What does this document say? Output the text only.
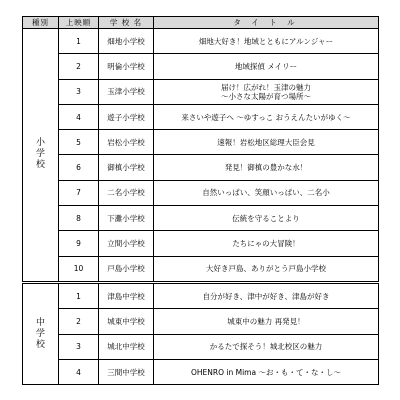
種別	上映順	学 校 名	タ イ ト ル

小
学
校	1	畑地小学校	畑地大好き！地域とともにアルンジャー

	2	明倫小学校	地域探偵 メイリー

	3	玉津小学校	届け！広がれ！玉津の魅力
～小さな太陽が育つ場所～

	4	遊子小学校	来さいや遊子へ ～ゆすっこ おうえんたいがゆく～

	5	岩松小学校	速報！岩松地区総理大臣会見

	6	御槙小学校	発見！御槙の豊かな水！

	7	二名小学校	自然いっぱい、笑顔いっぱい、二名小

	8	下灘小学校	伝統を守ることより

	9	立間小学校	たちにゃの大冒険！

	10	戸島小学校	大好き戸島、ありがとう戸島小学校

中
学
校	1	津島中学校	自分が好き、津中が好き、津島が好き

	2	城東中学校	城東中の魅力 再発見！

	3	城北中学校	かるたで探そう！城北校区の魅力

	4	三間中学校	OHENRO in Mima ～お・も・て・な・し～
